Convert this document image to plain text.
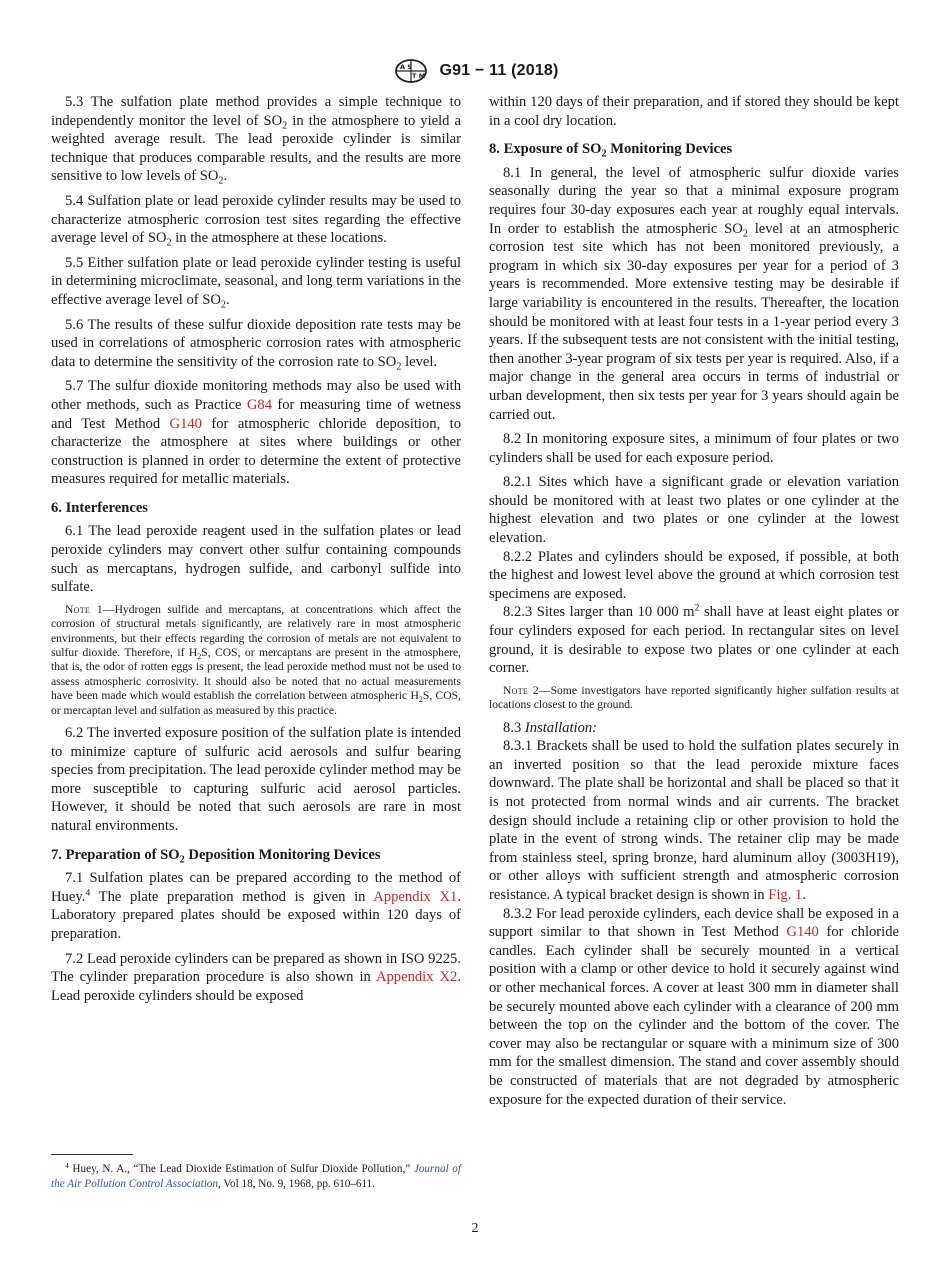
A S
T M G91 − 11 (2018)

5.3 The sulfation plate method provides a simple technique to independently monitor the level of $SO_2$ in the atmosphere to yield a weighted average result. The lead peroxide cylinder is similar technique that produces comparable results, and the results are more sensitive to low levels of $SO_2$.

5.4 Sulfation plate or lead peroxide cylinder results may be used to characterize atmospheric corrosion test sites regarding the effective average level of $SO_2$ in the atmosphere at these locations.

5.5 Either sulfation plate or lead peroxide cylinder testing is useful in determining microclimate, seasonal, and long term variations in the effective average level of $SO_2$.

5.6 The results of these sulfur dioxide deposition rate tests may be used in correlations of atmospheric corrosion rates with atmospheric data to determine the sensitivity of the corrosion rate to $SO_2$ level.

5.7 The sulfur dioxide monitoring methods may also be used with other methods, such as Practice G84 for measuring time of wetness and Test Method G140 for atmospheric chloride deposition, to characterize the atmosphere at sites where buildings or other construction is planned in order to determine the extent of protective measures required for metallic materials.

6. Interferences

6.1 The lead peroxide reagent used in the sulfation plates or lead peroxide cylinders may convert other sulfur containing compounds such as mercaptans, hydrogen sulfide, and carbonyl sulfide into sulfate.

Note 1—Hydrogen sulfide and mercaptans, at concentrations which affect the corrosion of structural metals significantly, are relatively rare in most atmospheric environments, but their effects regarding the corrosion of metals are not equivalent to sulfur dioxide. Therefore, if $H_2S$, COS, or mercaptans are present in the atmosphere, that is, the odor of rotten eggs is present, the lead peroxide method must not be used to assess atmospheric corrosivity. It should also be noted that no actual measurements have been made which would establish the correlation between atmospheric $H_2S$, COS, or mercaptan level and sulfation as measured by this practice.

6.2 The inverted exposure position of the sulfation plate is intended to minimize capture of sulfuric acid aerosols and sulfur bearing species from precipitation. The lead peroxide cylinder method may be more susceptible to capturing sulfuric acid aerosol particles. However, it should be noted that such aerosols are rare in most natural environments.

7. Preparation of $SO_2$ Deposition Monitoring Devices

7.1 Sulfation plates can be prepared according to the method of Huey.$^4$ The plate preparation method is given in Appendix X1. Laboratory prepared plates should be exposed within 120 days of preparation.

7.2 Lead peroxide cylinders can be prepared as shown in ISO 9225. The cylinder preparation procedure is also shown in Appendix X2. Lead peroxide cylinders should be exposed

$^4$ Huey, N. A., “The Lead Dioxide Estimation of Sulfur Dioxide Pollution,” Journal of the Air Pollution Control Association, Vol 18, No. 9, 1968, pp. 610–611.

within 120 days of their preparation, and if stored they should be kept in a cool dry location.

8. Exposure of $SO_2$ Monitoring Devices

8.1 In general, the level of atmospheric sulfur dioxide varies seasonally during the year so that a minimal exposure program requires four 30-day exposures each year at roughly equal intervals. In order to establish the atmospheric $SO_2$ level at an atmospheric corrosion test site which has not been monitored previously, a program in which six 30-day exposures per year for a period of 3 years is recommended. More extensive testing may be desirable if large variability is encountered in the results. Thereafter, the location should be monitored with at least four tests in a 1-year period every 3 years. If the subsequent tests are not consistent with the initial testing, then another 3-year program of six tests per year is required. Also, if a major change in the general area occurs in terms of industrial or urban development, then six tests per year for 3 years should again be carried out.

8.2 In monitoring exposure sites, a minimum of four plates or two cylinders shall be used for each exposure period.

8.2.1 Sites which have a significant grade or elevation variation should be monitored with at least two plates or one cylinder at the highest elevation and two plates or one cylinder at the lowest elevation.

8.2.2 Plates and cylinders should be exposed, if possible, at both the highest and lowest level above the ground at which corrosion test specimens are exposed.

8.2.3 Sites larger than 10 000 $m^2$ shall have at least eight plates or four cylinders exposed for each period. In rectangular sites on level ground, it is desirable to expose two plates or one cylinder at each corner.

Note 2—Some investigators have reported significantly higher sulfation results at locations closest to the ground.

8.3 Installation:

8.3.1 Brackets shall be used to hold the sulfation plates securely in an inverted position so that the lead peroxide mixture faces downward. The plate shall be horizontal and shall be placed so that it is not protected from normal winds and air currents. The bracket design should include a retaining clip or other provision to hold the plate in the event of strong winds. The retainer clip may be made from stainless steel, spring bronze, hard aluminum alloy (3003H19), or other alloys with sufficient strength and atmospheric corrosion resistance. A typical bracket design is shown in Fig. 1.

8.3.2 For lead peroxide cylinders, each device shall be exposed in a support similar to that shown in Test Method G140 for chloride candles. Each cylinder shall be securely mounted in a vertical position with a clamp or other device to hold it securely against wind or other mechanical forces. A cover at least 300 mm in diameter shall be securely mounted above each cylinder with a clearance of 200 mm between the top on the cylinder and the bottom of the cover. The cover may also be rectangular or square with a minimum size of 300 mm for the smallest dimension. The stand and cover assembly should be constructed of materials that are not degraded by atmospheric exposure for the expected duration of their service.

2
